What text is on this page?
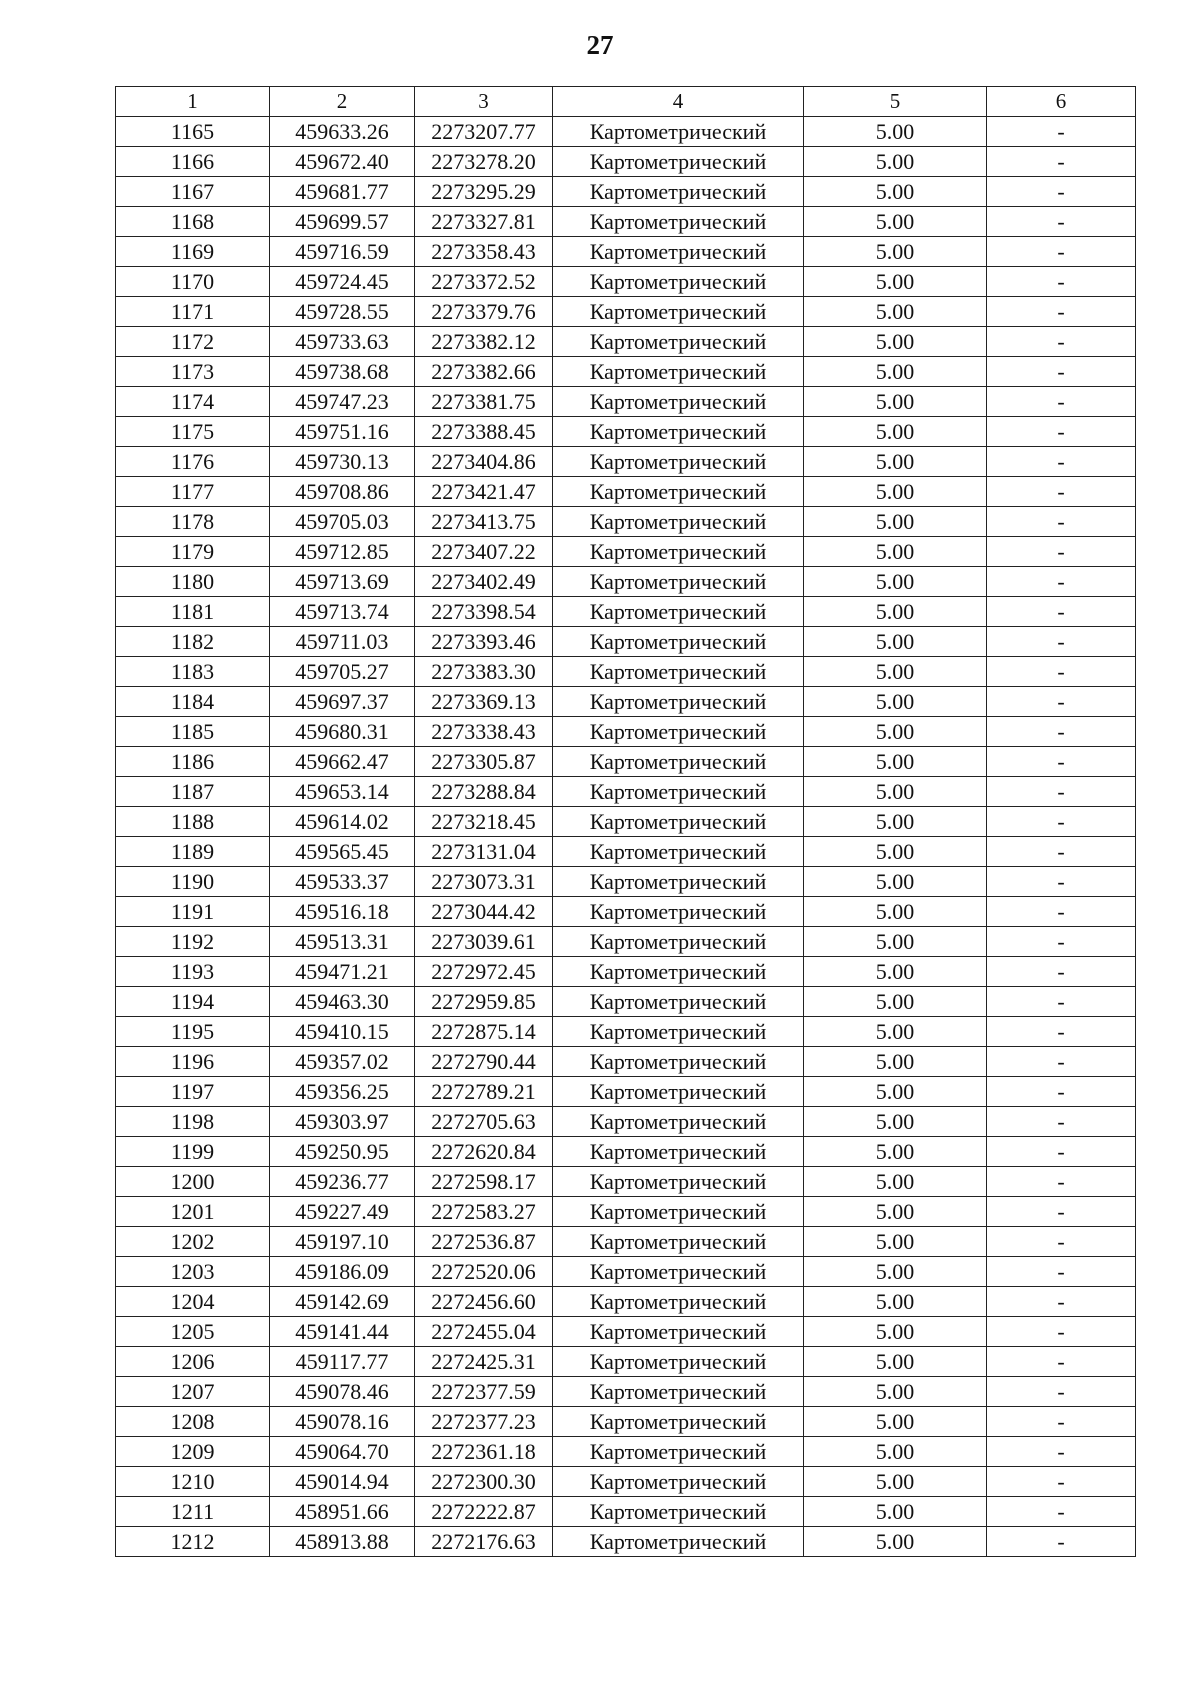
27
1	2	3	4	5	6
1165	459633.26	2273207.77	Картометрический	5.00	-
1166	459672.40	2273278.20	Картометрический	5.00	-
1167	459681.77	2273295.29	Картометрический	5.00	-
1168	459699.57	2273327.81	Картометрический	5.00	-
1169	459716.59	2273358.43	Картометрический	5.00	-
1170	459724.45	2273372.52	Картометрический	5.00	-
1171	459728.55	2273379.76	Картометрический	5.00	-
1172	459733.63	2273382.12	Картометрический	5.00	-
1173	459738.68	2273382.66	Картометрический	5.00	-
1174	459747.23	2273381.75	Картометрический	5.00	-
1175	459751.16	2273388.45	Картометрический	5.00	-
1176	459730.13	2273404.86	Картометрический	5.00	-
1177	459708.86	2273421.47	Картометрический	5.00	-
1178	459705.03	2273413.75	Картометрический	5.00	-
1179	459712.85	2273407.22	Картометрический	5.00	-
1180	459713.69	2273402.49	Картометрический	5.00	-
1181	459713.74	2273398.54	Картометрический	5.00	-
1182	459711.03	2273393.46	Картометрический	5.00	-
1183	459705.27	2273383.30	Картометрический	5.00	-
1184	459697.37	2273369.13	Картометрический	5.00	-
1185	459680.31	2273338.43	Картометрический	5.00	-
1186	459662.47	2273305.87	Картометрический	5.00	-
1187	459653.14	2273288.84	Картометрический	5.00	-
1188	459614.02	2273218.45	Картометрический	5.00	-
1189	459565.45	2273131.04	Картометрический	5.00	-
1190	459533.37	2273073.31	Картометрический	5.00	-
1191	459516.18	2273044.42	Картометрический	5.00	-
1192	459513.31	2273039.61	Картометрический	5.00	-
1193	459471.21	2272972.45	Картометрический	5.00	-
1194	459463.30	2272959.85	Картометрический	5.00	-
1195	459410.15	2272875.14	Картометрический	5.00	-
1196	459357.02	2272790.44	Картометрический	5.00	-
1197	459356.25	2272789.21	Картометрический	5.00	-
1198	459303.97	2272705.63	Картометрический	5.00	-
1199	459250.95	2272620.84	Картометрический	5.00	-
1200	459236.77	2272598.17	Картометрический	5.00	-
1201	459227.49	2272583.27	Картометрический	5.00	-
1202	459197.10	2272536.87	Картометрический	5.00	-
1203	459186.09	2272520.06	Картометрический	5.00	-
1204	459142.69	2272456.60	Картометрический	5.00	-
1205	459141.44	2272455.04	Картометрический	5.00	-
1206	459117.77	2272425.31	Картометрический	5.00	-
1207	459078.46	2272377.59	Картометрический	5.00	-
1208	459078.16	2272377.23	Картометрический	5.00	-
1209	459064.70	2272361.18	Картометрический	5.00	-
1210	459014.94	2272300.30	Картометрический	5.00	-
1211	458951.66	2272222.87	Картометрический	5.00	-
1212	458913.88	2272176.63	Картометрический	5.00	-
